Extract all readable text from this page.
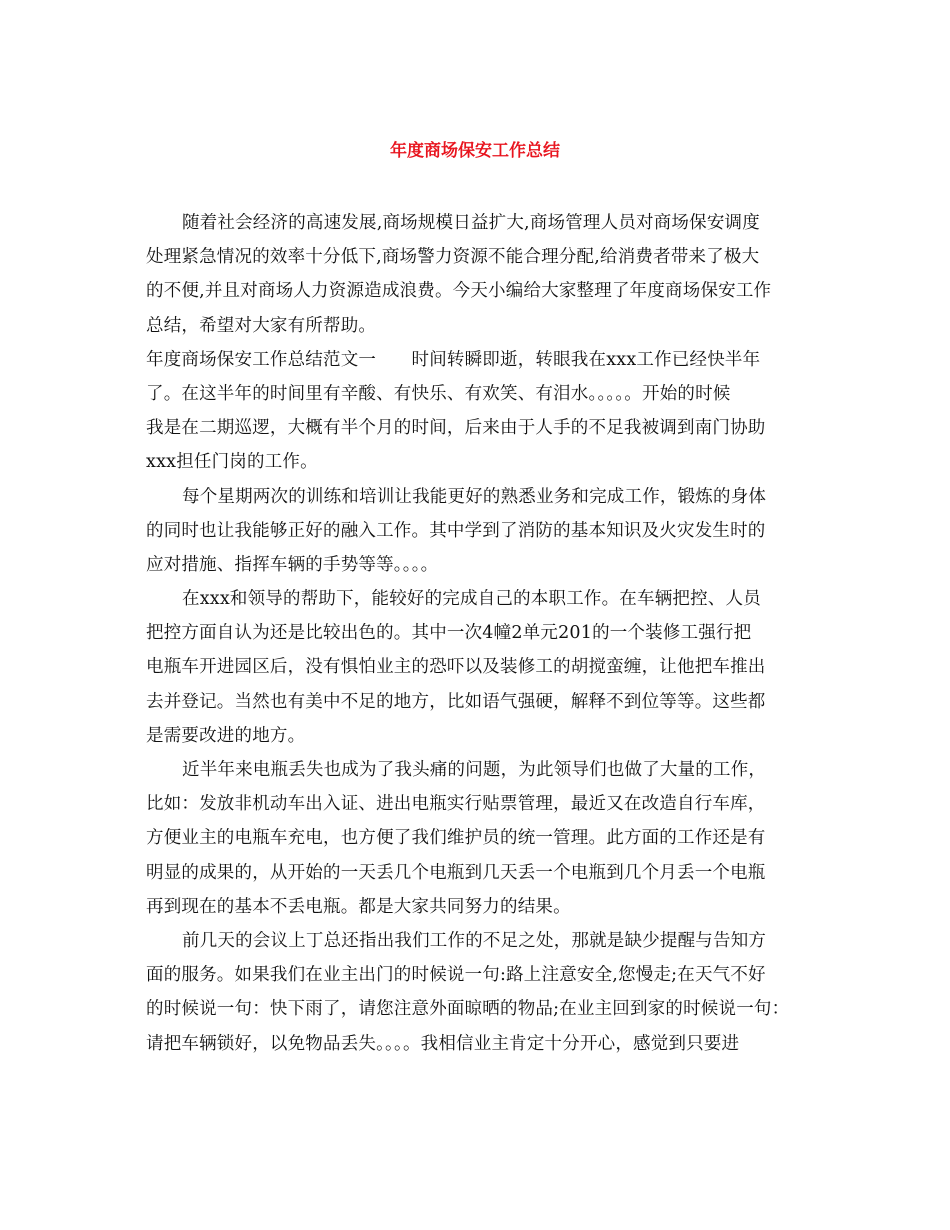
年度商场保安工作总结
随着社会经济的高速发展,商场规模日益扩大,商场管理人员对商场保安调度
处理紧急情况的效率十分低下,商场警力资源不能合理分配,给消费者带来了极大
的不便,并且对商场人力资源造成浪费。今天小编给大家整理了年度商场保安工作
总结，希望对大家有所帮助。
年度商场保安工作总结范文一　　时间转瞬即逝，转眼我在xxx工作已经快半年
了。在这半年的时间里有辛酸、有快乐、有欢笑、有泪水。。。。。开始的时候
我是在二期巡逻，大概有半个月的时间，后来由于人手的不足我被调到南门协助
xxx担任门岗的工作。
每个星期两次的训练和培训让我能更好的熟悉业务和完成工作，锻炼的身体
的同时也让我能够正好的融入工作。其中学到了消防的基本知识及火灾发生时的
应对措施、指挥车辆的手势等等。。。。
在xxx和领导的帮助下，能较好的完成自己的本职工作。在车辆把控、人员
把控方面自认为还是比较出色的。其中一次4幢2单元201的一个装修工强行把
电瓶车开进园区后，没有惧怕业主的恐吓以及装修工的胡搅蛮缠，让他把车推出
去并登记。当然也有美中不足的地方，比如语气强硬，解释不到位等等。这些都
是需要改进的地方。
近半年来电瓶丢失也成为了我头痛的问题，为此领导们也做了大量的工作，
比如：发放非机动车出入证、进出电瓶实行贴票管理，最近又在改造自行车库，
方便业主的电瓶车充电，也方便了我们维护员的统一管理。此方面的工作还是有
明显的成果的，从开始的一天丢几个电瓶到几天丢一个电瓶到几个月丢一个电瓶
再到现在的基本不丢电瓶。都是大家共同努力的结果。
前几天的会议上丁总还指出我们工作的不足之处，那就是缺少提醒与告知方
面的服务。如果我们在业主出门的时候说一句:路上注意安全,您慢走;在天气不好
的时候说一句：快下雨了，请您注意外面晾晒的物品;在业主回到家的时候说一句：
请把车辆锁好，以免物品丢失。。。。我相信业主肯定十分开心，感觉到只要进
